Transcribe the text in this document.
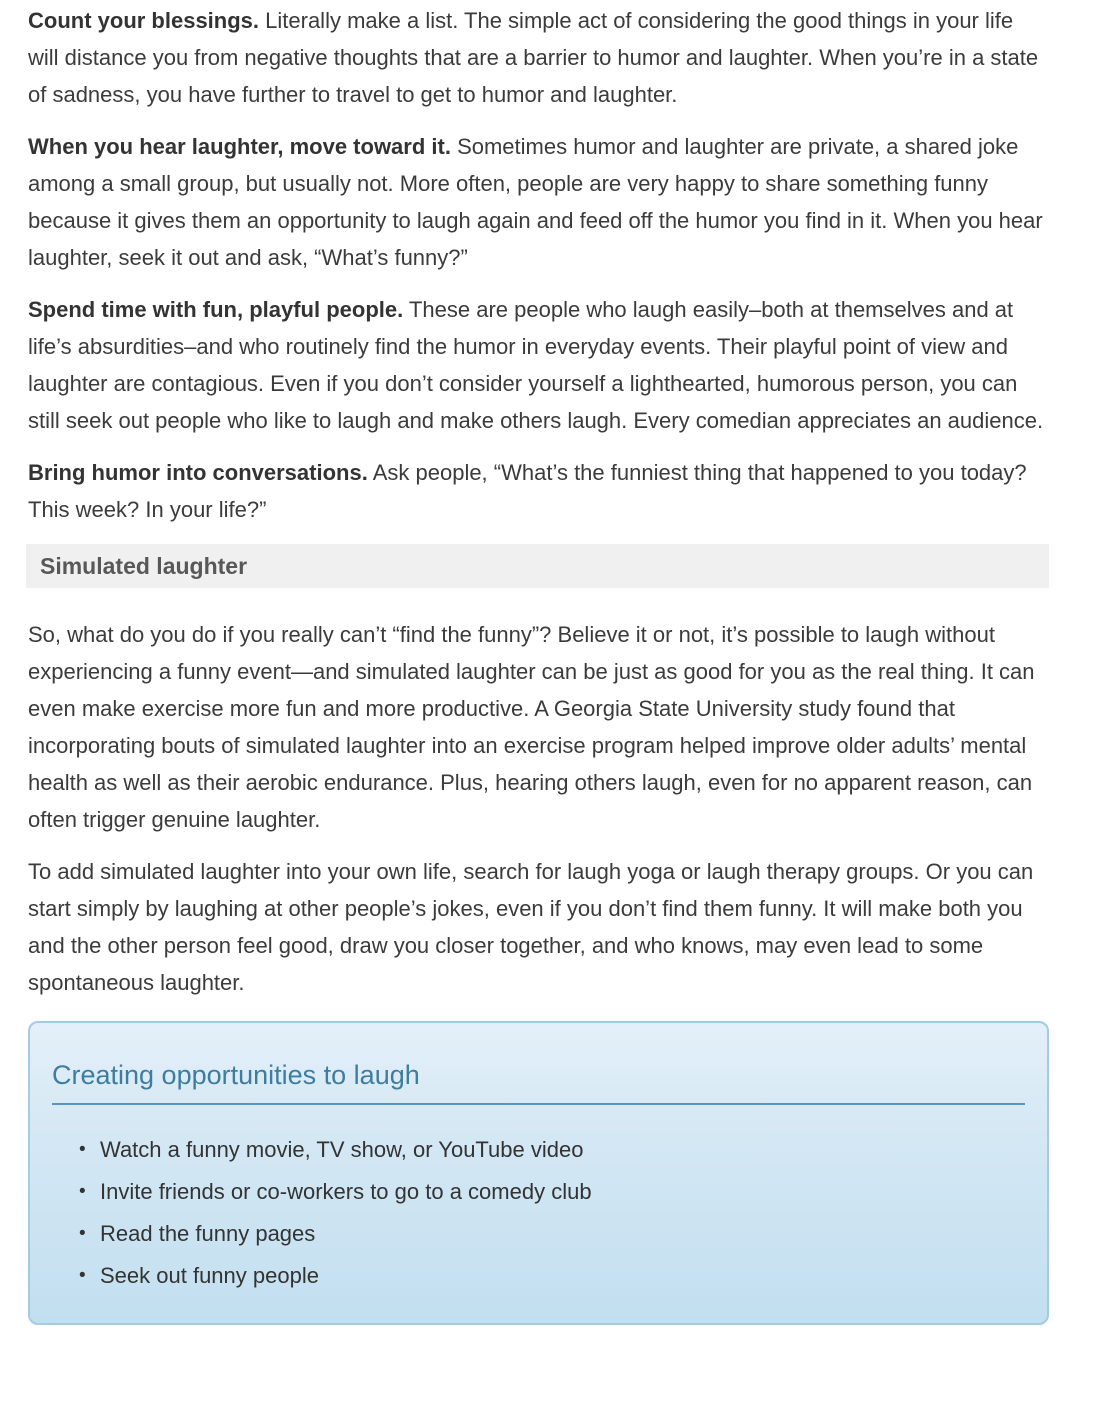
Count your blessings. Literally make a list. The simple act of considering the good things in your life will distance you from negative thoughts that are a barrier to humor and laughter. When you’re in a state of sadness, you have further to travel to get to humor and laughter.

When you hear laughter, move toward it. Sometimes humor and laughter are private, a shared joke among a small group, but usually not. More often, people are very happy to share something funny because it gives them an opportunity to laugh again and feed off the humor you find in it. When you hear laughter, seek it out and ask, “What’s funny?”

Spend time with fun, playful people. These are people who laugh easily–both at themselves and at life’s absurdities–and who routinely find the humor in everyday events. Their playful point of view and laughter are contagious. Even if you don’t consider yourself a lighthearted, humorous person, you can still seek out people who like to laugh and make others laugh. Every comedian appreciates an audience.

Bring humor into conversations. Ask people, “What’s the funniest thing that happened to you today? This week? In your life?”

Simulated laughter

So, what do you do if you really can’t “find the funny”? Believe it or not, it’s possible to laugh without experiencing a funny event—and simulated laughter can be just as good for you as the real thing. It can even make exercise more fun and more productive. A Georgia State University study found that incorporating bouts of simulated laughter into an exercise program helped improve older adults’ mental health as well as their aerobic endurance. Plus, hearing others laugh, even for no apparent reason, can often trigger genuine laughter.

To add simulated laughter into your own life, search for laugh yoga or laugh therapy groups. Or you can start simply by laughing at other people’s jokes, even if you don’t find them funny. It will make both you and the other person feel good, draw you closer together, and who knows, may even lead to some spontaneous laughter.

Creating opportunities to laugh
• Watch a funny movie, TV show, or YouTube video
• Invite friends or co-workers to go to a comedy club
• Read the funny pages
• Seek out funny people
